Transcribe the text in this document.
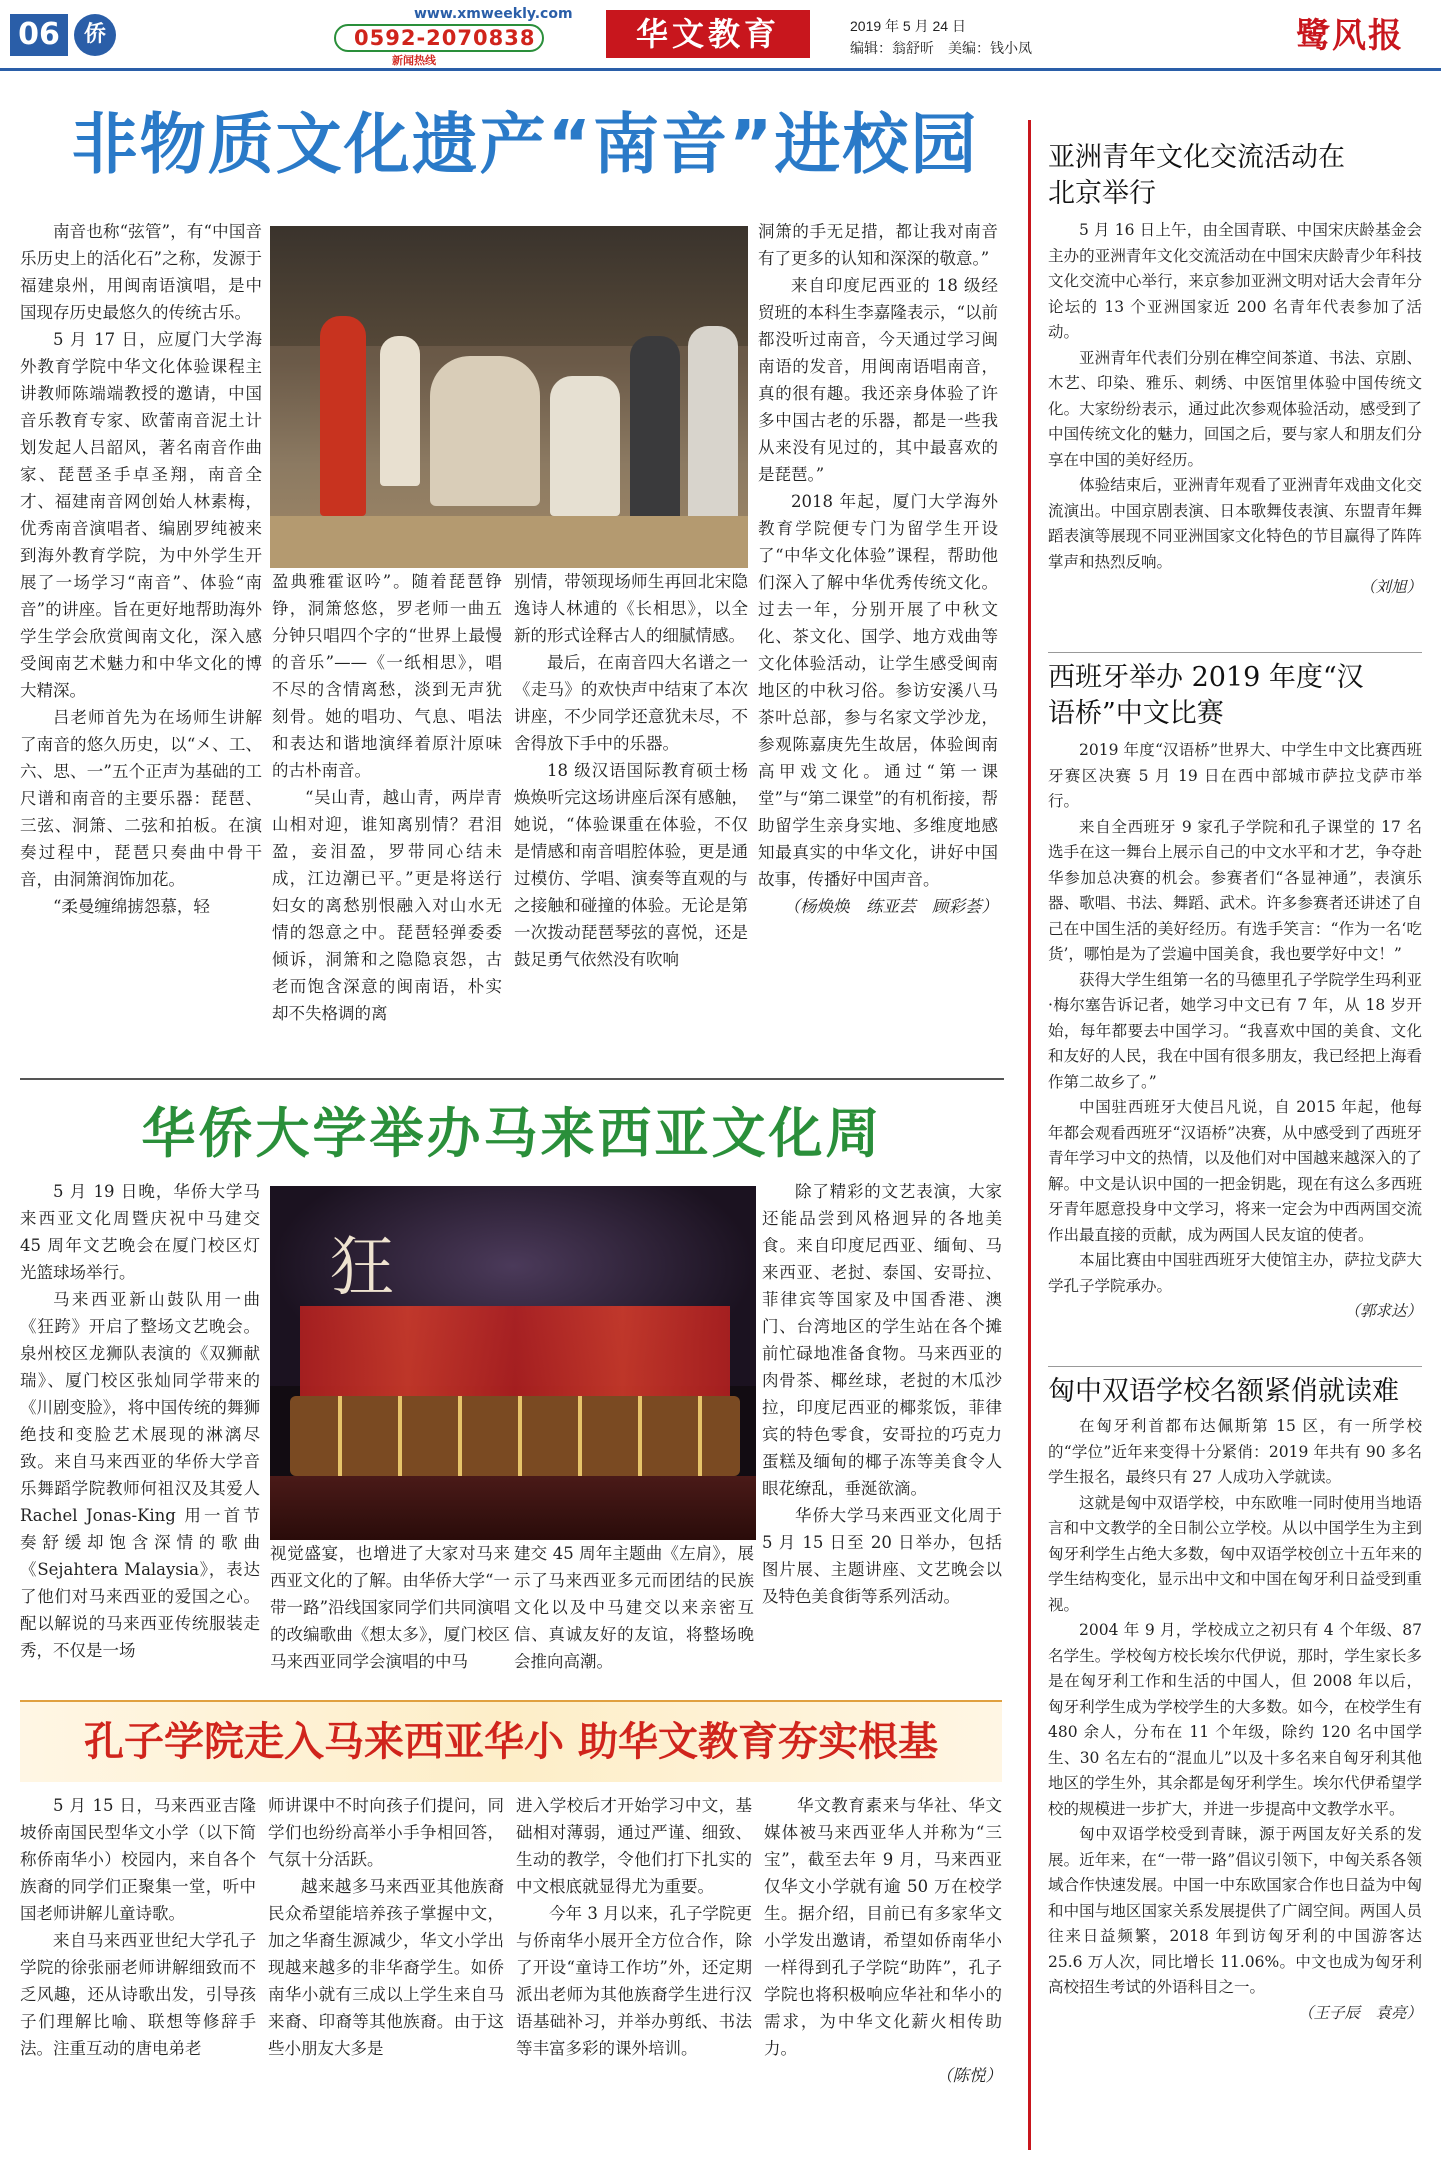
06	侨
www.xmweekly.com
0592-2070838
新闻热线
华文教育	2019 年 5 月 24 日
编辑：翁舒昕　美编：钱小凤	鹭风报
非物质文化遗产“南音”进校园

南音也称“弦管”，有“中国音乐历史上的活化石”之称，发源于福建泉州，用闽南语演唱，是中国现存历史最悠久的传统古乐。

5 月 17 日，应厦门大学海外教育学院中华文化体验课程主讲教师陈端端教授的邀请，中国音乐教育专家、欧蕾南音泥土计划发起人吕韶风，著名南音作曲家、琵琶圣手卓圣翔，南音全才、福建南音网创始人林素梅，优秀南音演唱者、编剧罗纯被来到海外教育学院，为中外学生开展了一场学习“南音”、体验“南音”的讲座。旨在更好地帮助海外学生学会欣赏闽南文化，深入感受闽南艺术魅力和中华文化的博大精深。

吕老师首先为在场师生讲解了南音的悠久历史，以“㐅、工、六、思、一”五个正声为基础的工尺谱和南音的主要乐器：琵琶、三弦、洞箫、二弦和拍板。在演奏过程中，琵琶只奏曲中骨干音，由洞箫润饰加花。

“柔曼缠绵掳怨慕，轻

盈典雅霍讴吟”。随着琵琶铮铮，洞箫悠悠，罗老师一曲五分钟只唱四个字的“世界上最慢的音乐”——《一纸相思》，唱不尽的含情离愁，淡到无声犹刻骨。她的唱功、气息、唱法和表达和谐地演绎着原汁原味的古朴南音。

“吴山青，越山青，两岸青山相对迎，谁知离别情？君泪盈，妾泪盈，罗带同心结未成，江边潮已平。”更是将送行妇女的离愁别恨融入对山水无情的怨意之中。琵琶轻弹委委倾诉，洞箫和之隐隐哀怨，古老而饱含深意的闽南语，朴实却不失格调的离

别情，带领现场师生再回北宋隐逸诗人林逋的《长相思》，以全新的形式诠释古人的细腻情感。

最后，在南音四大名谱之一《走马》的欢快声中结束了本次讲座，不少同学还意犹未尽，不舍得放下手中的乐器。

18 级汉语国际教育硕士杨焕焕听完这场讲座后深有感触，她说，“体验课重在体验，不仅是情感和南音唱腔体验，更是通过模仿、学唱、演奏等直观的与之接触和碰撞的体验。无论是第一次拨动琵琶琴弦的喜悦，还是鼓足勇气依然没有吹响

洞箫的手无足措，都让我对南音有了更多的认知和深深的敬意。”

来自印度尼西亚的 18 级经贸班的本科生李嘉隆表示，“以前都没听过南音，今天通过学习闽南语的发音，用闽南语唱南音，真的很有趣。我还亲身体验了许多中国古老的乐器，都是一些我从来没有见过的，其中最喜欢的是琵琶。”

2018 年起，厦门大学海外教育学院便专门为留学生开设了“中华文化体验”课程，帮助他们深入了解中华优秀传统文化。过去一年，分别开展了中秋文化、茶文化、国学、地方戏曲等文化体验活动，让学生感受闽南地区的中秋习俗。参访安溪八马茶叶总部，参与名家文学沙龙，参观陈嘉庚先生故居，体验闽南高甲戏文化。通过“第一课堂”与“第二课堂”的有机衔接，帮助留学生亲身实地、多维度地感知最真实的中华文化，讲好中国故事，传播好中国声音。

（杨焕焕　练亚芸　顾彩荟）

华侨大学举办马来西亚文化周

5 月 19 日晚，华侨大学马来西亚文化周暨庆祝中马建交 45 周年文艺晚会在厦门校区灯光篮球场举行。

马来西亚新山鼓队用一曲《狂跨》开启了整场文艺晚会。泉州校区龙狮队表演的《双狮献瑞》、厦门校区张灿同学带来的《川剧变脸》，将中国传统的舞狮绝技和变脸艺术展现的淋漓尽致。来自马来西亚的华侨大学音乐舞蹈学院教师何祖汉及其爱人 Rachel Jonas-King 用一首节奏舒缓却饱含深情的歌曲《Sejahtera Malaysia》，表达了他们对马来西亚的爱国之心。配以解说的马来西亚传统服装走秀，不仅是一场

狂

视觉盛宴，也增进了大家对马来西亚文化的了解。由华侨大学“一带一路”沿线国家同学们共同演唱的改编歌曲《想太多》，厦门校区马来西亚同学会演唱的中马

建交 45 周年主题曲《左肩》，展示了马来西亚多元而团结的民族文化以及中马建交以来亲密互信、真诚友好的友谊，将整场晚会推向高潮。

除了精彩的文艺表演，大家还能品尝到风格迥异的各地美食。来自印度尼西亚、缅甸、马来西亚、老挝、泰国、安哥拉、菲律宾等国家及中国香港、澳门、台湾地区的学生站在各个摊前忙碌地准备食物。马来西亚的肉骨茶、椰丝球，老挝的木瓜沙拉，印度尼西亚的椰浆饭，菲律宾的特色零食，安哥拉的巧克力蛋糕及缅甸的椰子冻等美食令人眼花缭乱，垂涎欲滴。

华侨大学马来西亚文化周于 5 月 15 日至 20 日举办，包括图片展、主题讲座、文艺晚会以及特色美食街等系列活动。

孔子学院走入马来西亚华小 助华文教育夯实根基

5 月 15 日，马来西亚吉隆坡侨南国民型华文小学（以下简称侨南华小）校园内，来自各个族裔的同学们正聚集一堂，听中国老师讲解儿童诗歌。

来自马来西亚世纪大学孔子学院的徐张丽老师讲解细致而不乏风趣，还从诗歌出发，引导孩子们理解比喻、联想等修辞手法。注重互动的唐电弟老

师讲课中不时向孩子们提问，同学们也纷纷高举小手争相回答，气氛十分活跃。

越来越多马来西亚其他族裔民众希望能培养孩子掌握中文，加之华裔生源减少，华文小学出现越来越多的非华裔学生。如侨南华小就有三成以上学生来自马来裔、印裔等其他族裔。由于这些小朋友大多是

进入学校后才开始学习中文，基础相对薄弱，通过严谨、细致、生动的教学，令他们打下扎实的中文根底就显得尤为重要。

今年 3 月以来，孔子学院更与侨南华小展开全方位合作，除了开设“童诗工作坊”外，还定期派出老师为其他族裔学生进行汉语基础补习，并举办剪纸、书法等丰富多彩的课外培训。

华文教育素来与华社、华文媒体被马来西亚华人并称为“三宝”，截至去年 9 月，马来西亚仅华文小学就有逾 50 万在校学生。据介绍，目前已有多家华文小学发出邀请，希望如侨南华小一样得到孔子学院“助阵”，孔子学院也将积极响应华社和华小的需求，为中华文化薪火相传助力。

（陈悦）

亚洲青年文化交流活动在北京举行

5 月 16 日上午，由全国青联、中国宋庆龄基金会主办的亚洲青年文化交流活动在中国宋庆龄青少年科技文化交流中心举行，来京参加亚洲文明对话大会青年分论坛的 13 个亚洲国家近 200 名青年代表参加了活动。

亚洲青年代表们分别在榫空间茶道、书法、京剧、木艺、印染、雅乐、刺绣、中医馆里体验中国传统文化。大家纷纷表示，通过此次参观体验活动，感受到了中国传统文化的魅力，回国之后，要与家人和朋友们分享在中国的美好经历。

体验结束后，亚洲青年观看了亚洲青年戏曲文化交流演出。中国京剧表演、日本歌舞伎表演、东盟青年舞蹈表演等展现不同亚洲国家文化特色的节目赢得了阵阵掌声和热烈反响。

（刘旭）

西班牙举办 2019 年度“汉语桥”中文比赛

2019 年度“汉语桥”世界大、中学生中文比赛西班牙赛区决赛 5 月 19 日在西中部城市萨拉戈萨市举行。

来自全西班牙 9 家孔子学院和孔子课堂的 17 名选手在这一舞台上展示自己的中文水平和才艺，争夺赴华参加总决赛的机会。参赛者们“各显神通”，表演乐器、歌唱、书法、舞蹈、武术。许多参赛者还讲述了自己在中国生活的美好经历。有选手笑言：“作为一名‘吃货’，哪怕是为了尝遍中国美食，我也要学好中文！”

获得大学生组第一名的马德里孔子学院学生玛利亚·梅尔塞告诉记者，她学习中文已有 7 年，从 18 岁开始，每年都要去中国学习。“我喜欢中国的美食、文化和友好的人民，我在中国有很多朋友，我已经把上海看作第二故乡了。”

中国驻西班牙大使吕凡说，自 2015 年起，他每年都会观看西班牙“汉语桥”决赛，从中感受到了西班牙青年学习中文的热情，以及他们对中国越来越深入的了解。中文是认识中国的一把金钥匙，现在有这么多西班牙青年愿意投身中文学习，将来一定会为中西两国交流作出最直接的贡献，成为两国人民友谊的使者。

本届比赛由中国驻西班牙大使馆主办，萨拉戈萨大学孔子学院承办。

（郭求达）

匈中双语学校名额紧俏就读难

在匈牙利首都布达佩斯第 15 区，有一所学校的“学位”近年来变得十分紧俏：2019 年共有 90 多名学生报名，最终只有 27 人成功入学就读。

这就是匈中双语学校，中东欧唯一同时使用当地语言和中文教学的全日制公立学校。从以中国学生为主到匈牙利学生占绝大多数，匈中双语学校创立十五年来的学生结构变化，显示出中文和中国在匈牙利日益受到重视。

2004 年 9 月，学校成立之初只有 4 个年级、87 名学生。学校匈方校长埃尔代伊说，那时，学生家长多是在匈牙利工作和生活的中国人，但 2008 年以后，匈牙利学生成为学校学生的大多数。如今，在校学生有 480 余人，分布在 11 个年级，除约 120 名中国学生、30 名左右的“混血儿”以及十多名来自匈牙利其他地区的学生外，其余都是匈牙利学生。埃尔代伊希望学校的规模进一步扩大，并进一步提高中文教学水平。

匈中双语学校受到青睐，源于两国友好关系的发展。近年来，在“一带一路”倡议引领下，中匈关系各领域合作快速发展。中国一中东欧国家合作也日益为中匈和中国与地区国家关系发展提供了广阔空间。两国人员往来日益频繁，2018 年到访匈牙利的中国游客达 25.6 万人次，同比增长 11.06%。中文也成为匈牙利高校招生考试的外语科目之一。

（王子辰　袁亮）
